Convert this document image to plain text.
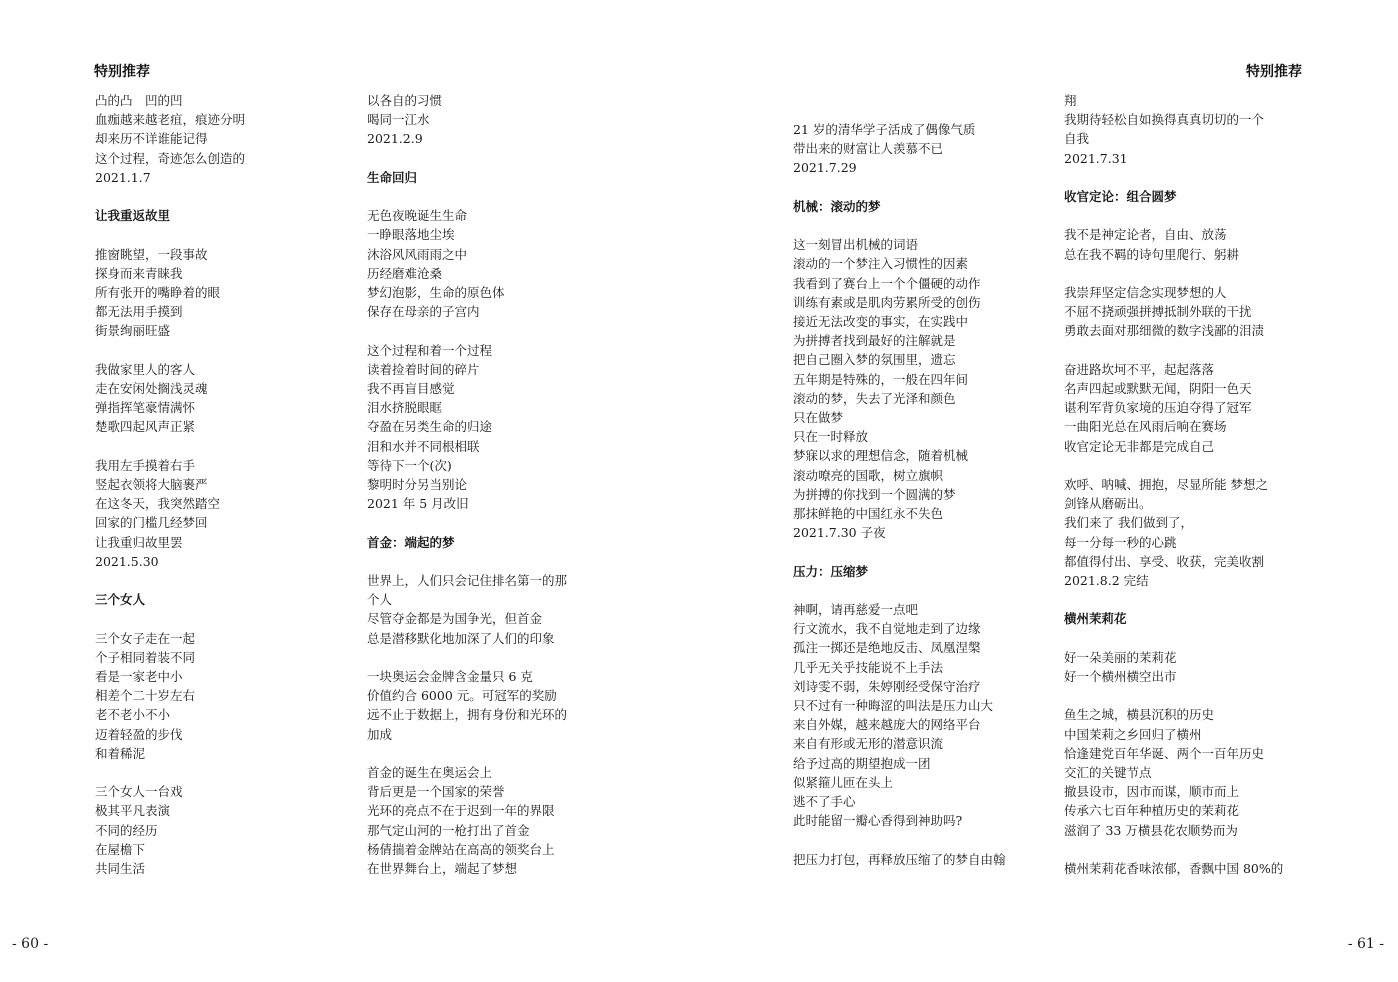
特别推荐	特别推荐
凸的凸　凹的凹
血痂越来越老疽，痕迹分明
却来历不详谁能记得
这个过程，奇迹怎么创造的
2021.1.7
让我重返故里
推窗眺望，一段事故
探身而来青睐我
所有张开的嘴睁着的眼
都无法用手摸到
街景绚丽旺盛
我做家里人的客人
走在安闲处搁浅灵魂
弹指挥笔豪情满怀
楚歌四起风声正紧
我用左手摸着右手
竖起衣领将大脑裹严
在这冬天，我突然踏空
回家的门槛几经梦回
让我重归故里罢
2021.5.30
三个女人
三个女子走在一起
个子相同着装不同
看是一家老中小
相差个二十岁左右
老不老小不小
迈着轻盈的步伐
和着稀泥
三个女人一台戏
极其平凡表演
不同的经历
在屋檐下
共同生活
以各自的习惯
喝同一江水
2021.2.9
生命回归
无色夜晚诞生生命
一睁眼落地尘埃
沐浴风风雨雨之中
历经磨难沧桑
梦幻泡影，生命的原色体
保存在母亲的子宫内
这个过程和着一个过程
读着捡着时间的碎片
我不再盲目感觉
泪水挤脱眼眶
夺盈在另类生命的归途
泪和水并不同根相联
等待下一个(次)
黎明时分另当别论
2021 年 5 月改旧
首金：端起的梦
世界上，人们只会记住排名第一的那
个人
尽管夺金都是为国争光，但首金
总是潜移默化地加深了人们的印象
一块奥运会金牌含金量只 6 克
价值约合 6000 元。可冠军的奖励
远不止于数据上，拥有身份和光环的
加成
首金的诞生在奥运会上
背后更是一个国家的荣誉
光环的亮点不在于迟到一年的界限
那气定山河的一枪打出了首金
杨倩揣着金牌站在高高的领奖台上
在世界舞台上，端起了梦想
21 岁的清华学子活成了偶像气质
带出来的财富让人羡慕不已
2021.7.29
机械：滚动的梦
这一刻冒出机械的词语
滚动的一个梦注入习惯性的因素
我看到了赛台上一个个僵硬的动作
训练有素或是肌肉劳累所受的创伤
接近无法改变的事实，在实践中
为拼搏者找到最好的注解就是
把自己圈入梦的氛围里，遗忘
五年期是特殊的，一般在四年间
滚动的梦，失去了光泽和颜色
只在做梦
只在一时释放
梦寐以求的理想信念，随着机械
滚动嘹亮的国歌，树立旗帜
为拼搏的你找到一个圆满的梦
那抹鲜艳的中国红永不失色
2021.7.30 子夜
压力：压缩梦
神啊，请再慈爱一点吧
行文流水，我不自觉地走到了边缘
孤注一掷还是绝地反击、凤凰涅槃
几乎无关乎技能说不上手法
刘诗雯不弱，朱婷刚经受保守治疗
只不过有一种晦涩的叫法是压力山大
来自外媒，越来越庞大的网络平台
来自有形或无形的潜意识流
给予过高的期望抱成一团
似紧箍儿匝在头上
逃不了手心
此时能留一瓣心香得到神助吗?
把压力打包，再释放压缩了的梦自由翰
翔
我期待轻松自如换得真真切切的一个
自我
2021.7.31
收官定论：组合圆梦
我不是神定论者，自由、放荡
总在我不羁的诗句里爬行、躬耕
我崇拜坚定信念实现梦想的人
不屈不挠顽强拼搏抵制外联的干扰
勇敢去面对那细微的数字浅鄙的泪渍
奋进路坎坷不平，起起落落
名声四起或默默无闻，阴阳一色天
谌利军背负家境的压迫夺得了冠军
一曲阳光总在风雨后响在赛场
收官定论无非都是完成自己
欢呼、呐喊、拥抱，尽显所能 梦想之
剑锋从磨砺出。
我们来了 我们做到了，
每一分每一秒的心跳
都值得付出、享受、收获，完美收割
2021.8.2 完结
横州茉莉花
好一朵美丽的茉莉花
好一个横州横空出市
鱼生之城，横县沉积的历史
中国茉莉之乡回归了横州
恰逢建党百年华诞、两个一百年历史
交汇的关键节点
撤县设市，因市而谋，顺市而上
传承六七百年种植历史的茉莉花
滋润了 33 万横县花农顺势而为
横州茉莉花香味浓郁，香飘中国 80%的
- 60 -	- 61 -
